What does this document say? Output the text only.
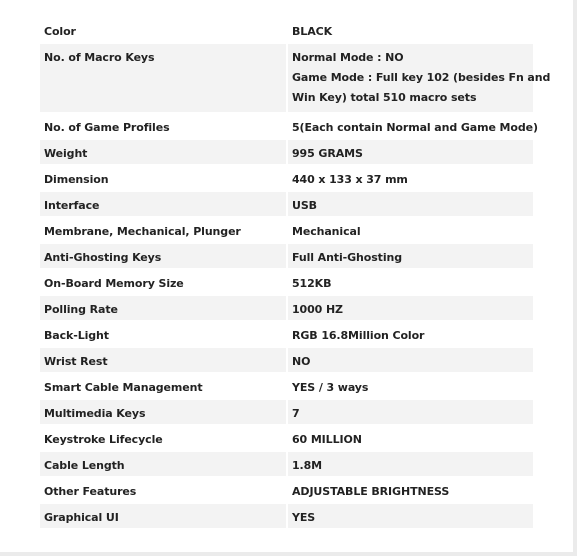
Color	BLACK
No. of Macro Keys	Normal Mode : NO
Game Mode : Full key 102 (besides Fn and
Win Key) total 510 macro sets
No. of Game Profiles	5(Each contain Normal and Game Mode)
Weight	995 GRAMS
Dimension	440 x 133 x 37 mm
Interface	USB
Membrane, Mechanical, Plunger	Mechanical
Anti-Ghosting Keys	Full Anti-Ghosting
On-Board Memory Size	512KB
Polling Rate	1000 HZ
Back-Light	RGB 16.8Million Color
Wrist Rest	NO
Smart Cable Management	YES / 3 ways
Multimedia Keys	7
Keystroke Lifecycle	60 MILLION
Cable Length	1.8M
Other Features	ADJUSTABLE BRIGHTNESS
Graphical UI	YES
